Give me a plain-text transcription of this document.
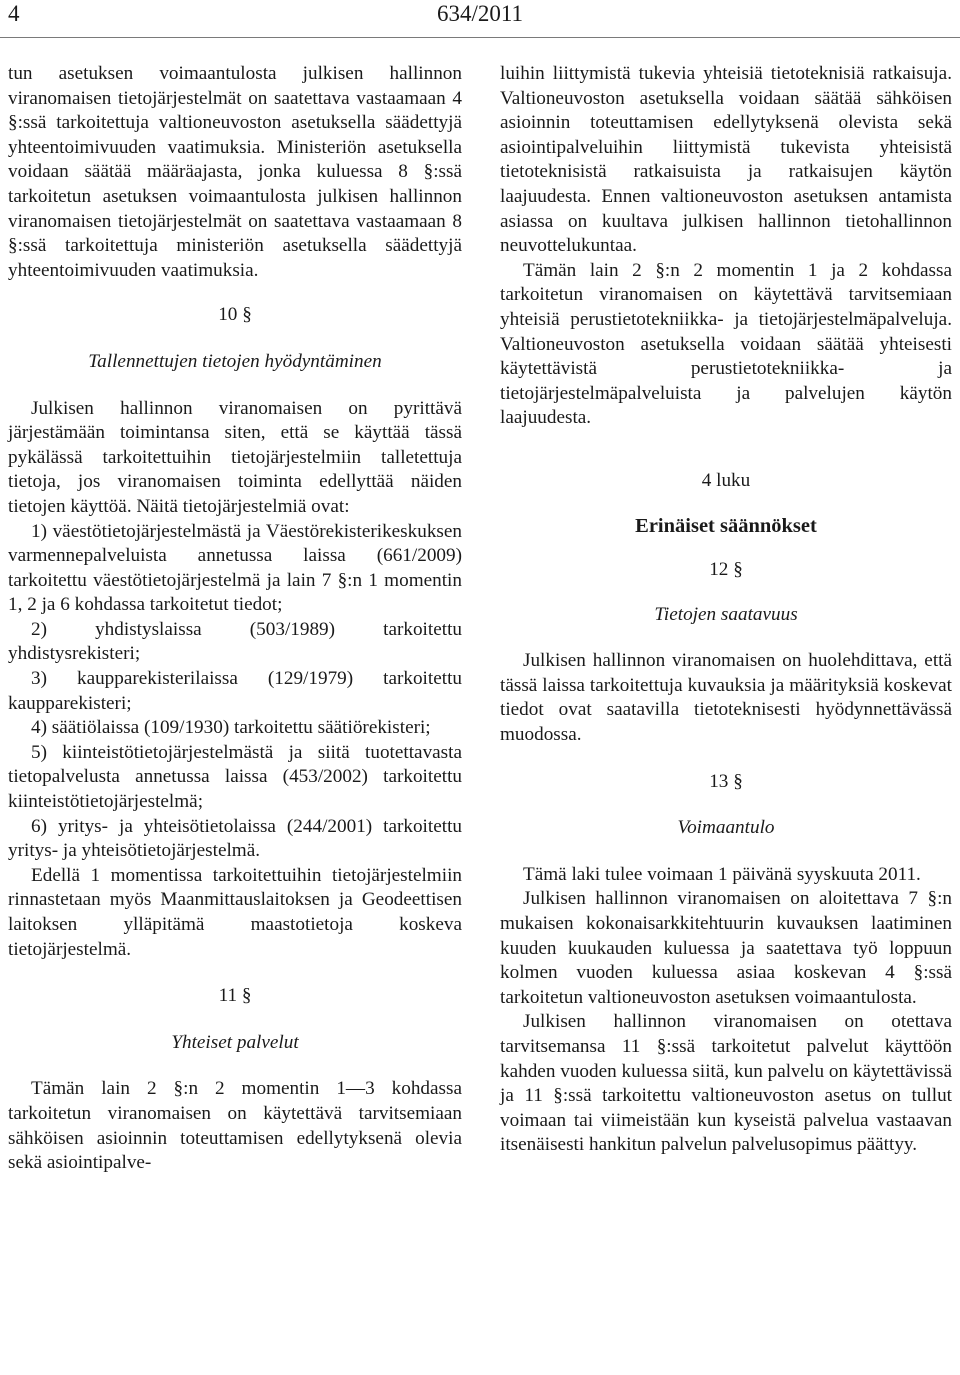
4	634/2011

tun asetuksen voimaantulosta julkisen hallinnon viranomaisen tietojärjestelmät on saatettava vastaamaan 4 §:ssä tarkoitettuja valtioneuvoston asetuksella säädettyjä yhteentoimivuuden vaatimuksia. Ministeriön asetuksella voidaan säätää määräajasta, jonka kuluessa 8 §:ssä tarkoitetun asetuksen voimaantulosta julkisen hallinnon viranomaisen tietojärjestelmät on saatettava vastaamaan 8 §:ssä tarkoitettuja ministeriön asetuksella säädettyjä yhteentoimivuuden vaatimuksia.

10 §

Tallennettujen tietojen hyödyntäminen

Julkisen hallinnon viranomaisen on pyrittävä järjestämään toimintansa siten, että se käyttää tässä pykälässä tarkoitettuihin tietojärjestelmiin talletettuja tietoja, jos viranomaisen toiminta edellyttää näiden tietojen käyttöä. Näitä tietojärjestelmiä ovat:

1) väestötietojärjestelmästä ja Väestörekisterikeskuksen varmennepalveluista annetussa laissa (661/2009) tarkoitettu väestötietojärjestelmä ja lain 7 §:n 1 momentin 1, 2 ja 6 kohdassa tarkoitetut tiedot;

2) yhdistyslaissa (503/1989) tarkoitettu yhdistysrekisteri;

3) kaupparekisterilaissa (129/1979) tarkoitettu kaupparekisteri;

4) säätiölaissa (109/1930) tarkoitettu säätiörekisteri;

5) kiinteistötietojärjestelmästä ja siitä tuotettavasta tietopalvelusta annetussa laissa (453/2002) tarkoitettu kiinteistötietojärjestelmä;

6) yritys- ja yhteisötietolaissa (244/2001) tarkoitettu yritys- ja yhteisötietojärjestelmä.

Edellä 1 momentissa tarkoitettuihin tietojärjestelmiin rinnastetaan myös Maanmittauslaitoksen ja Geodeettisen laitoksen ylläpitämä maastotietoja koskeva tietojärjestelmä.

11 §

Yhteiset palvelut

Tämän lain 2 §:n 2 momentin 1—3 kohdassa tarkoitetun viranomaisen on käytettävä tarvitsemiaan sähköisen asioinnin toteuttamisen edellytyksenä olevia sekä asiointipalve-

luihin liittymistä tukevia yhteisiä tietoteknisiä ratkaisuja. Valtioneuvoston asetuksella voidaan säätää sähköisen asioinnin toteuttamisen edellytyksenä olevista sekä asiointipalveluihin liittymistä tukevista yhteisistä tietoteknisistä ratkaisuista ja ratkaisujen käytön laajuudesta. Ennen valtioneuvoston asetuksen antamista asiassa on kuultava julkisen hallinnon tietohallinnon neuvottelukuntaa.

Tämän lain 2 §:n 2 momentin 1 ja 2 kohdassa tarkoitetun viranomaisen on käytettävä tarvitsemiaan yhteisiä perustietotekniikka- ja tietojärjestelmäpalveluja. Valtioneuvoston asetuksella voidaan säätää yhteisesti käytettävistä perustietotekniikka- ja tietojärjestelmäpalveluista ja palvelujen käytön laajuudesta.

4 luku

Erinäiset säännökset

12 §

Tietojen saatavuus

Julkisen hallinnon viranomaisen on huolehdittava, että tässä laissa tarkoitettuja kuvauksia ja määrityksiä koskevat tiedot ovat saatavilla tietoteknisesti hyödynnettävässä muodossa.

13 §

Voimaantulo

Tämä laki tulee voimaan 1 päivänä syyskuuta 2011.

Julkisen hallinnon viranomaisen on aloitettava 7 §:n mukaisen kokonaisarkkitehtuurin kuvauksen laatiminen kuuden kuukauden kuluessa ja saatettava työ loppuun kolmen vuoden kuluessa asiaa koskevan 4 §:ssä tarkoitetun valtioneuvoston asetuksen voimaantulosta.

Julkisen hallinnon viranomaisen on otettava tarvitsemansa 11 §:ssä tarkoitetut palvelut käyttöön kahden vuoden kuluessa siitä, kun palvelu on käytettävissä ja 11 §:ssä tarkoitettu valtioneuvoston asetus on tullut voimaan tai viimeistään kun kyseistä palvelua vastaavan itsenäisesti hankitun palvelun palvelusopimus päättyy.
